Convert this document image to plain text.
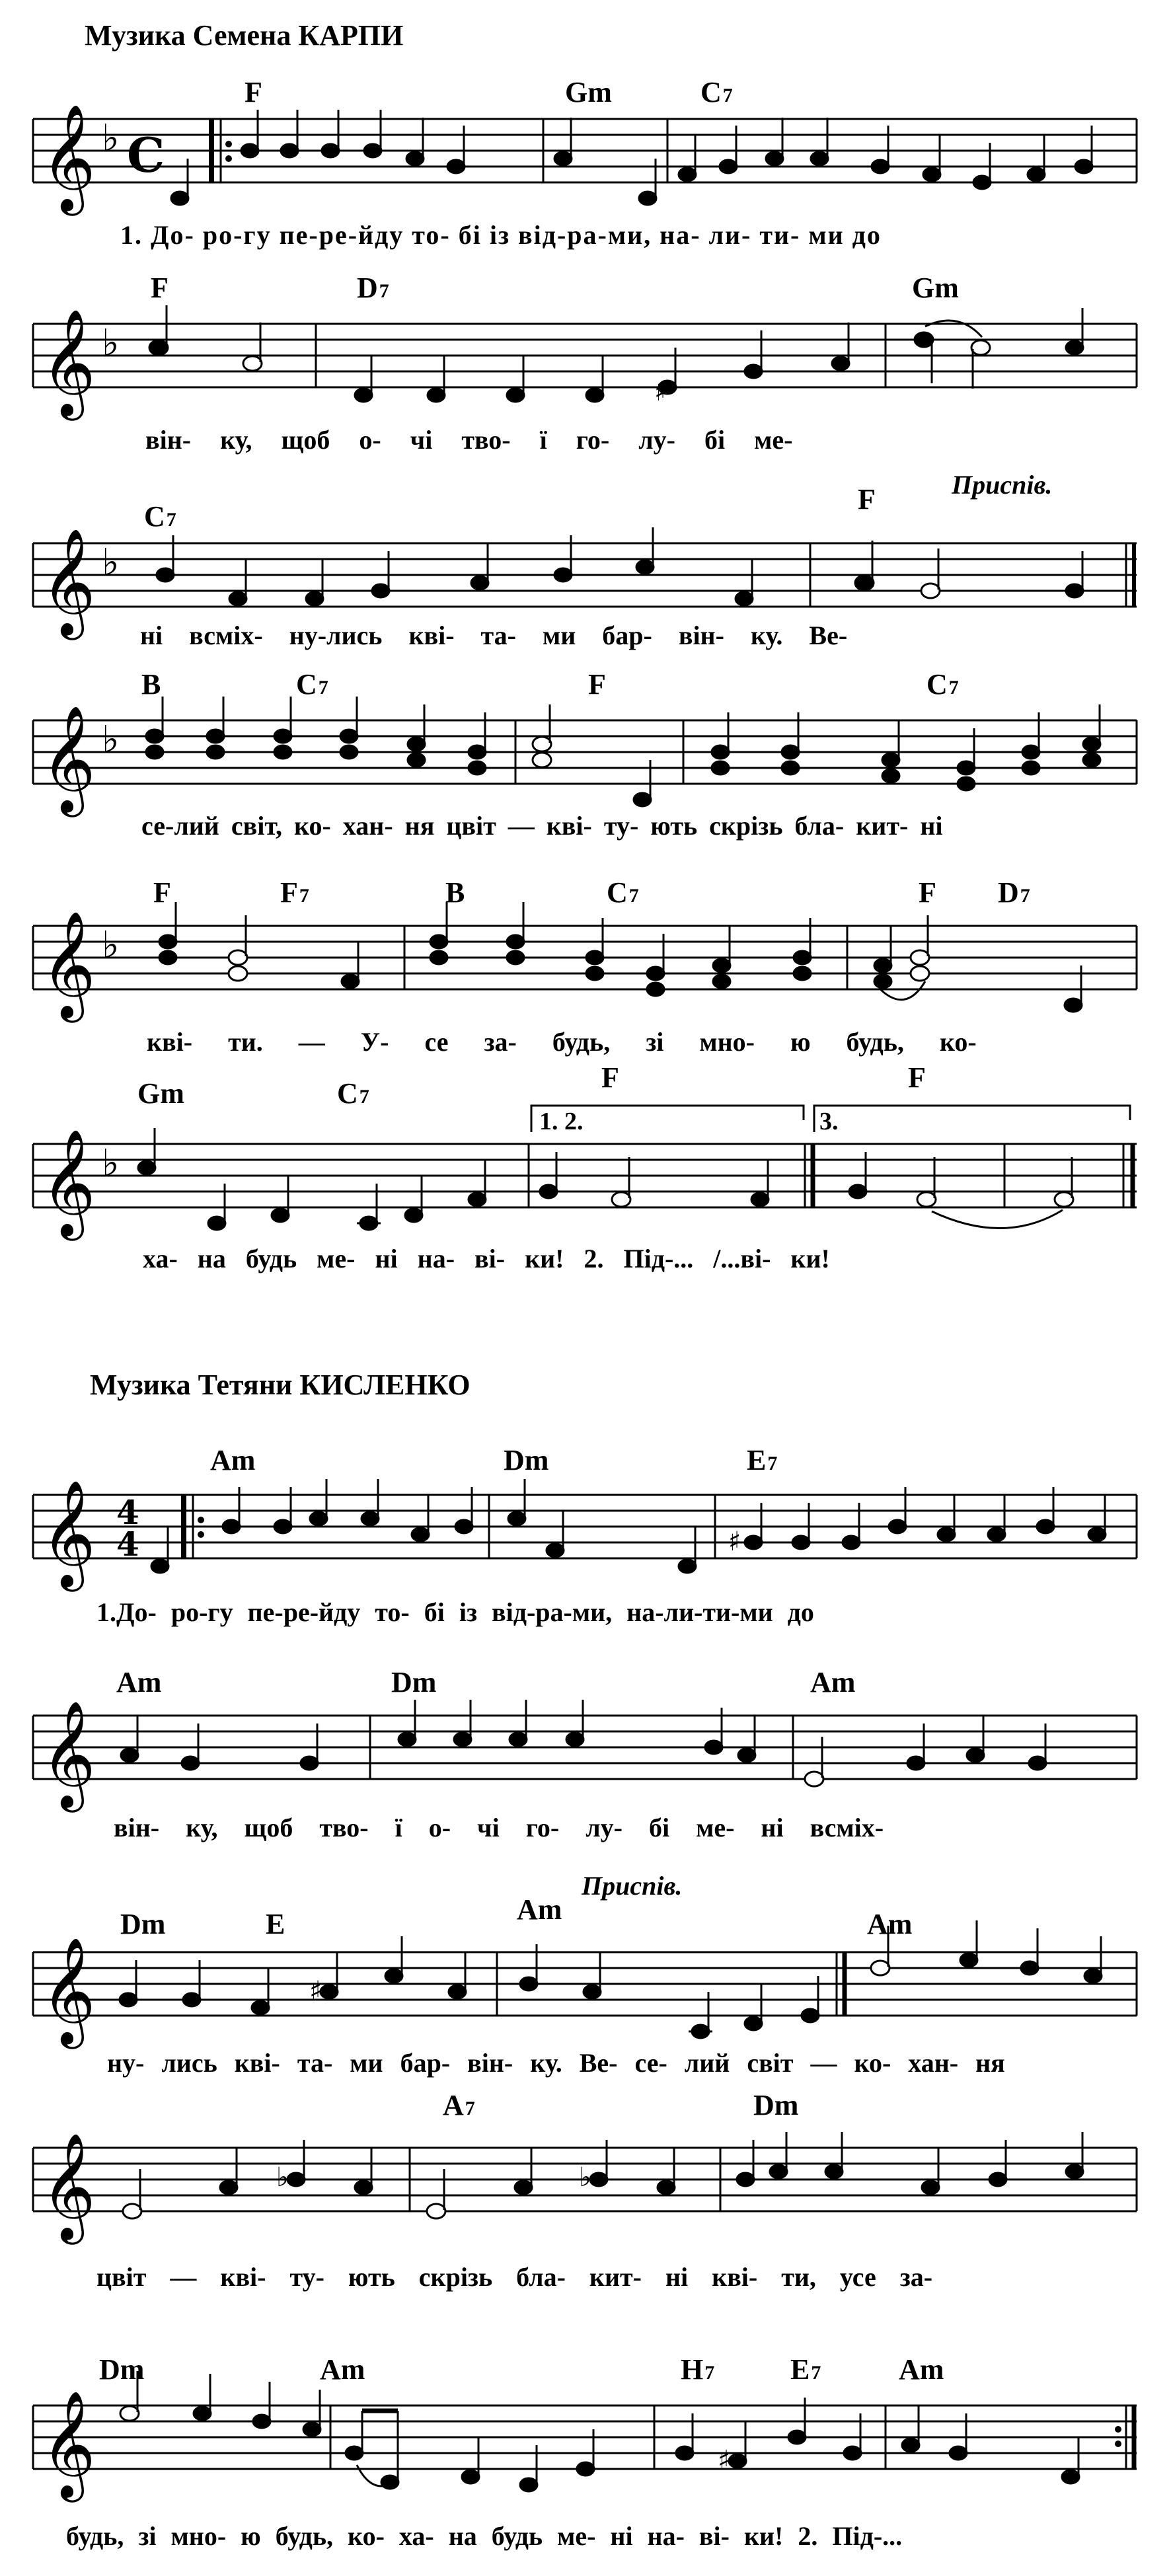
Музика Семена КАРПИ
F	Gm	C7
𝄞 ♭ C
1. До- ро-гу пе-ре-йду то- бі із від-ра-ми, на- ли- ти- ми до
F	D7	Gm
𝄞 ♭
♯
він- ку, щоб о- чі тво- ї го- лу- бі ме-
Приспів.
C7
F
𝄞 ♭
ні всміх- ну-лись кві- та- ми бар- він- ку. Ве-
B	C7	F	C7
𝄞 ♭
се-лий світ, ко- хан- ня цвіт — кві- ту- ють скрізь бла- кит- ні
F	F7	B	C7	F D7
𝄞 ♭
кві- ти. — У- се за- будь, зі мно- ю будь, ко-
Gm	C7
F	F
1. 2.	3.
𝄞 ♭
ха- на будь ме- ні на- ві- ки! 2. Під-... /...ві- ки!
Музика Тетяни КИСЛЕНКО
Am	Dm	E7
𝄞 4
4	♯
1.До- ро-гу пе-ре-йду то- бі із від-ра-ми, на-ли-ти-ми до
Am	Dm	Am
𝄞
він- ку, щоб тво- ї о- чі го- лу- бі ме- ні всміх-
Приспів.
Dm	E	Am	Am
𝄞	♯
ну- лись кві- та- ми бар- він- ку. Ве- се- лий світ — ко- хан- ня
A7	Dm
𝄞	♭	♭
цвіт — кві- ту- ють скрізь бла- кит- ні кві- ти, усе за-
Dm	Am	H7	E7	Am
𝄞	♯
будь, зі мно- ю будь, ко- ха- на будь ме- ні на- ві- ки! 2. Під-...
